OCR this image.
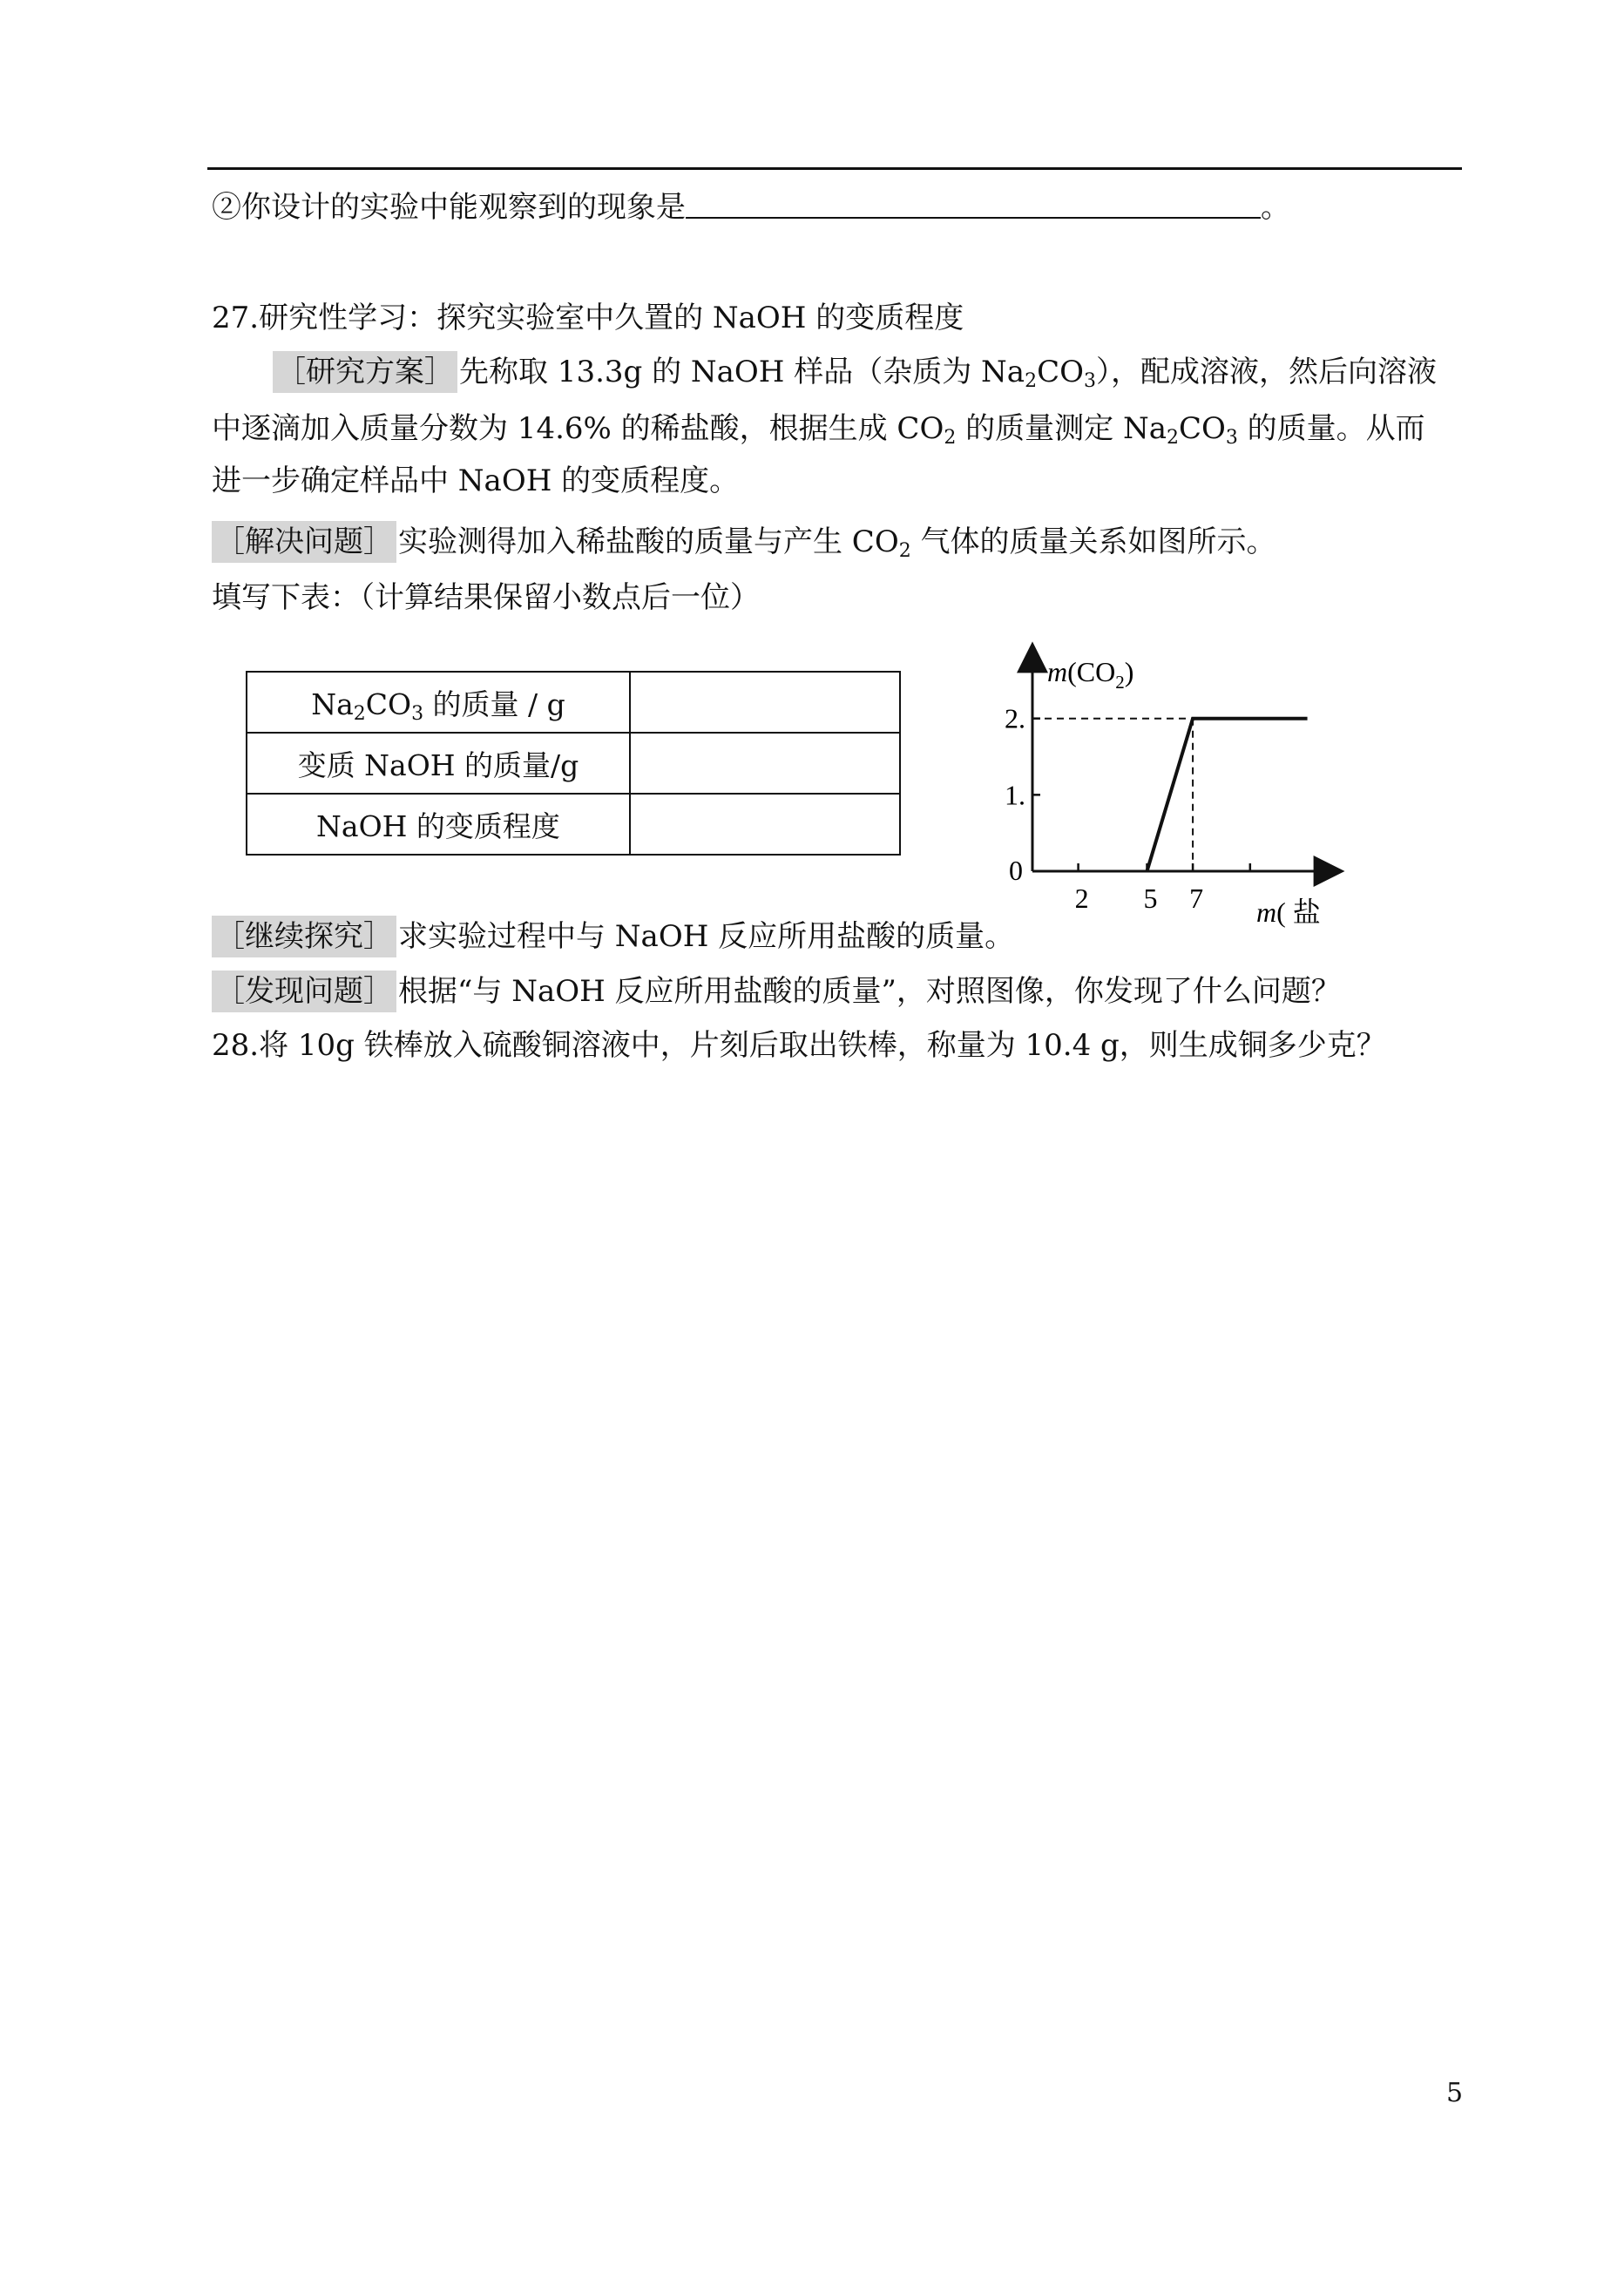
②你设计的实验中能观察到的现象是	。
27.研究性学习：探究实验室中久置的 NaOH 的变质程度
［研究方案］ 先称取 13.3g 的 NaOH 样品（杂质为 $Na_2CO_3$），配成溶液，然后向溶液
中逐滴加入质量分数为 14.6% 的稀盐酸，根据生成 $CO_2$ 的质量测定 $Na_2CO_3$ 的质量。从而
进一步确定样品中 NaOH 的变质程度。
［解决问题］ 实验测得加入稀盐酸的质量与产生 $CO_2$ 气体的质量关系如图所示。
填写下表：（计算结果保留小数点后一位）
$Na_2CO_3$ 的质量 / g	
变质 NaOH 的质量/g	
NaOH 的变质程度	
$m(CO_2)$
m( 盐
0
2 5 7
2.
1.
［继续探究］ 求实验过程中与 NaOH 反应所用盐酸的质量。
［发现问题］ 根据“与 NaOH 反应所用盐酸的质量”，对照图像，你发现了什么问题？
28.将 10g 铁棒放入硫酸铜溶液中，片刻后取出铁棒，称量为 10.4 g，则生成铜多少克？
5
